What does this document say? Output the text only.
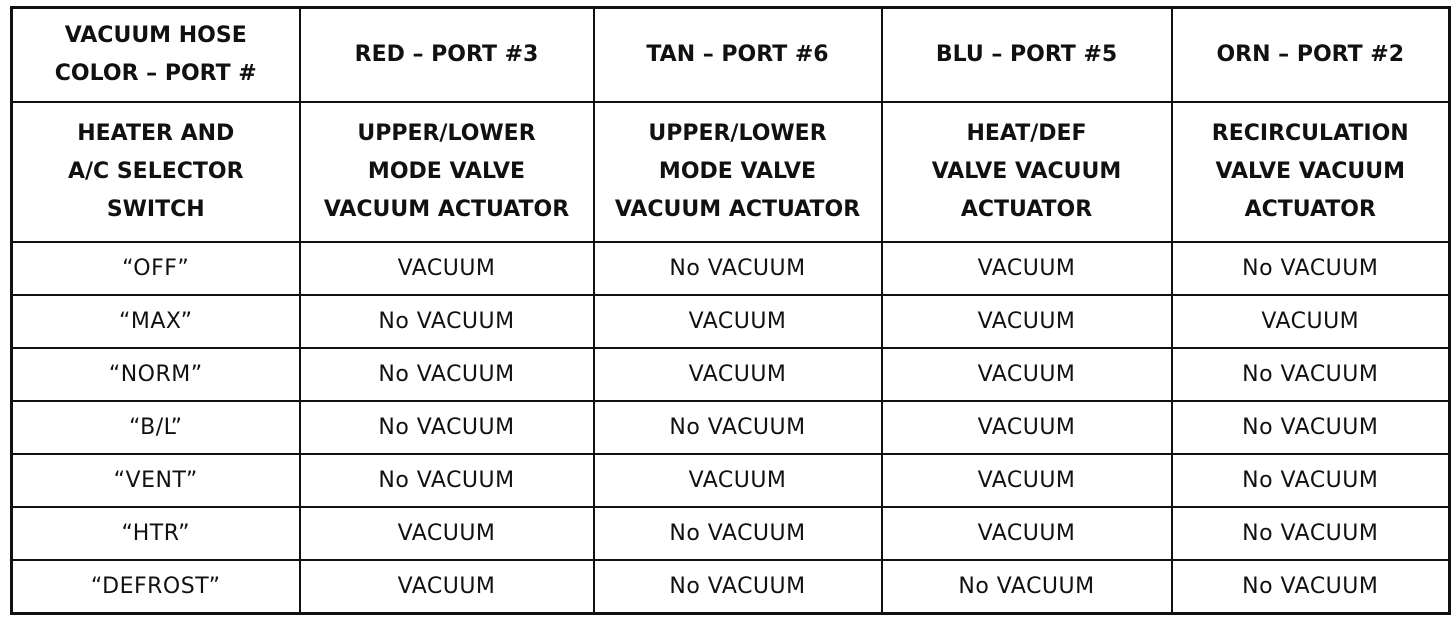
VACUUM HOSE
COLOR – PORT #	RED – PORT #3	TAN – PORT #6	BLU – PORT #5	ORN – PORT #2
HEATER AND
A/C SELECTOR
SWITCH	UPPER/LOWER
MODE VALVE
VACUUM ACTUATOR	UPPER/LOWER
MODE VALVE
VACUUM ACTUATOR	HEAT/DEF
VALVE VACUUM
ACTUATOR	RECIRCULATION
VALVE VACUUM
ACTUATOR
“OFF”	VACUUM	No VACUUM	VACUUM	No VACUUM
“MAX”	No VACUUM	VACUUM	VACUUM	VACUUM
“NORM”	No VACUUM	VACUUM	VACUUM	No VACUUM
“B/L”	No VACUUM	No VACUUM	VACUUM	No VACUUM
“VENT”	No VACUUM	VACUUM	VACUUM	No VACUUM
“HTR”	VACUUM	No VACUUM	VACUUM	No VACUUM
“DEFROST”	VACUUM	No VACUUM	No VACUUM	No VACUUM
